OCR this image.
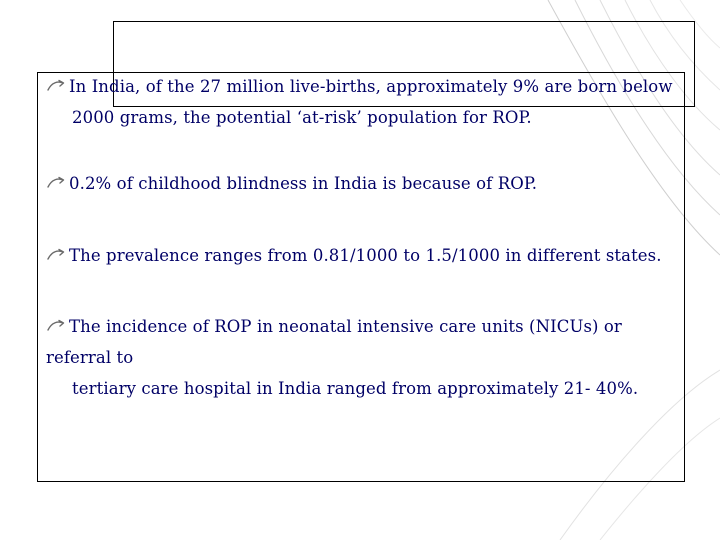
In India, of the 27 million live-births, approximately 9% are born below
2000 grams, the potential ‘at-risk’ population for ROP.
0.2% of childhood blindness in India is because of ROP.
The prevalence ranges from 0.81/1000 to 1.5/1000 in different states.
The incidence of ROP in neonatal intensive care units (NICUs) or referral to
tertiary care hospital in India ranged from approximately 21- 40%.
